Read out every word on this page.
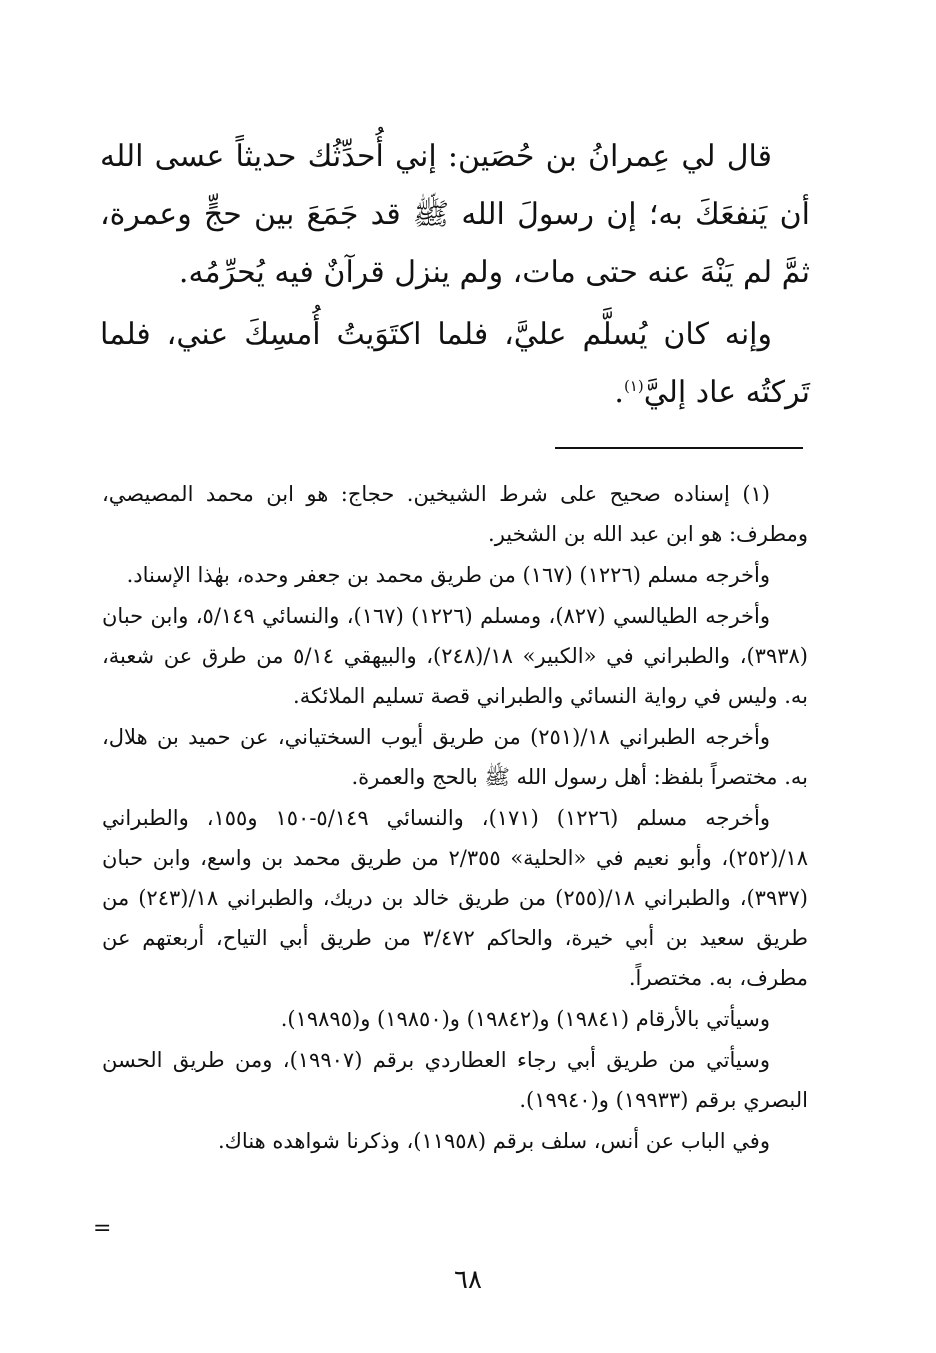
قال لي عِمرانُ بن حُصَين: إني أُحدِّثُك حديثاً عسى الله أن يَنفعَكَ به؛ إن رسولَ الله ﷺ قد جَمَعَ بين حجٍّ وعمرة، ثمَّ لم يَنْهَ عنه حتى مات، ولم ينزل قرآنٌ فيه يُحرِّمُه.

وإنه كان يُسلَّم عليَّ، فلما اكتَوَيتُ أُمسِكَ عني، فلما تَركتُه عاد إليَّ$^{(١)}$.

(١) إسناده صحيح على شرط الشيخين. حجاج: هو ابن محمد المصيصي، ومطرف: هو ابن عبد الله بن الشخير.

وأخرجه مسلم (١٢٢٦) (١٦٧) من طريق محمد بن جعفر وحده، بهٰذا الإسناد.

وأخرجه الطيالسي (٨٢٧)، ومسلم (١٢٢٦) (١٦٧)، والنسائي ٥/١٤٩، وابن حبان (٣٩٣٨)، والطبراني في «الكبير» ١٨/(٢٤٨)، والبيهقي ٥/١٤ من طرق عن شعبة، به. وليس في رواية النسائي والطبراني قصة تسليم الملائكة.

وأخرجه الطبراني ١٨/(٢٥١) من طريق أيوب السختياني، عن حميد بن هلال، به. مختصراً بلفظ: أهل رسول الله ﷺ بالحج والعمرة.

وأخرجه مسلم (١٢٢٦) (١٧١)، والنسائي ٥/١٤٩-١٥٠ و١٥٥، والطبراني ١٨/(٢٥٢)، وأبو نعيم في «الحلية» ٢/٣٥٥ من طريق محمد بن واسع، وابن حبان (٣٩٣٧)، والطبراني ١٨/(٢٥٥) من طريق خالد بن دريك، والطبراني ١٨/(٢٤٣) من طريق سعيد بن أبي خيرة، والحاكم ٣/٤٧٢ من طريق أبي التياح، أربعتهم عن مطرف، به. مختصراً.

وسيأتي بالأرقام (١٩٨٤١) و(١٩٨٤٢) و(١٩٨٥٠) و(١٩٨٩٥).

وسيأتي من طريق أبي رجاء العطاردي برقم (١٩٩٠٧)، ومن طريق الحسن البصري برقم (١٩٩٣٣) و(١٩٩٤٠).

وفي الباب عن أنس، سلف برقم (١١٩٥٨)، وذكرنا شواهده هناك.

=
٦٨
